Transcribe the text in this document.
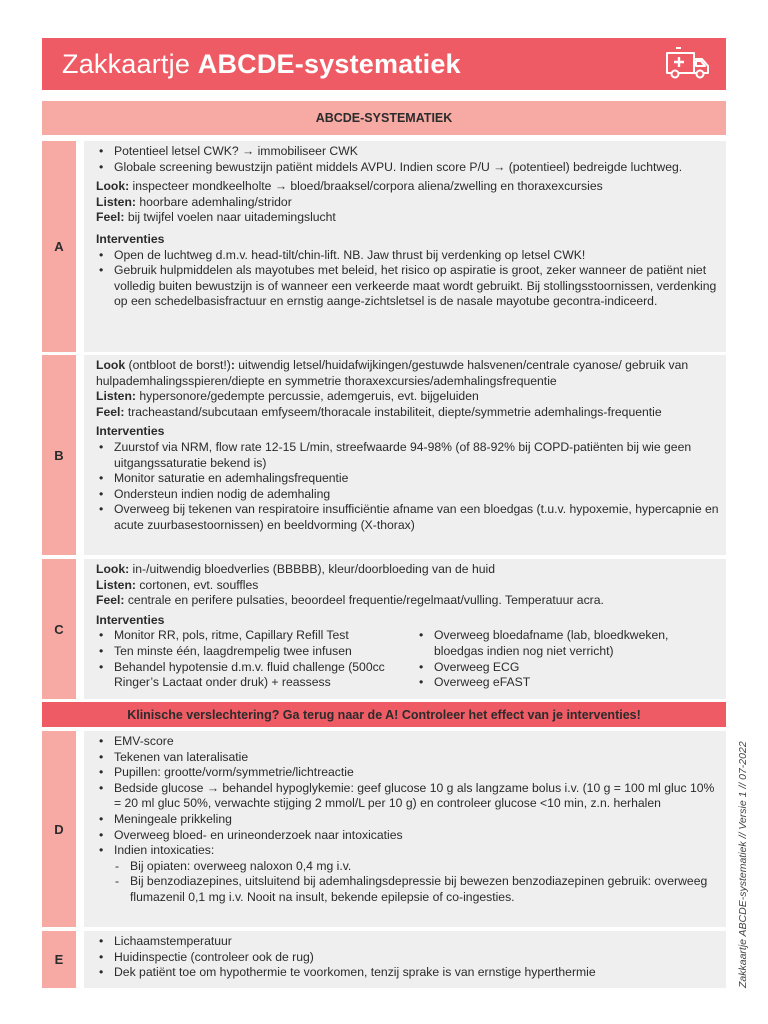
Zakkaartje ABCDE-systematiek
ABCDE-SYSTEMATIEK
A
• Potentieel letsel CWK? → immobiliseer CWK
• Globale screening bewustzijn patiënt middels AVPU. Indien score P/U → (potentieel) bedreigde luchtweg.

Look: inspecteer mondkeelholte → bloed/braaksel/corpora aliena/zwelling en thoraxexcursies

Listen: hoorbare ademhaling/stridor

Feel: bij twijfel voelen naar uitademingslucht

Interventies
• Open de luchtweg d.m.v. head-tilt/chin-lift. NB. Jaw thrust bij verdenking op letsel CWK!
• Gebruik hulpmiddelen als mayotubes met beleid, het risico op aspiratie is groot, zeker wanneer de patiënt niet volledig buiten bewustzijn is of wanneer een verkeerde maat wordt gebruikt. Bij stollingsstoornissen, verdenking op een schedelbasisfractuur en ernstig aange-zichtsletsel is de nasale mayotube gecontra-indiceerd.
B

Look (ontbloot de borst!): uitwendig letsel/huidafwijkingen/gestuwde halsvenen/centrale cyanose/ gebruik van hulpademhalingsspieren/diepte en symmetrie thoraxexcursies/ademhalingsfrequentie

Listen: hypersonore/gedempte percussie, ademgeruis, evt. bijgeluiden

Feel: tracheastand/subcutaan emfyseem/thoracale instabiliteit, diepte/symmetrie ademhalings-frequentie

Interventies
• Zuurstof via NRM, flow rate 12-15 L/min, streefwaarde 94-98% (of 88-92% bij COPD-patiënten bij wie geen uitgangssaturatie bekend is)
• Monitor saturatie en ademhalingsfrequentie
• Ondersteun indien nodig de ademhaling
• Overweeg bij tekenen van respiratoire insufficiëntie afname van een bloedgas (t.u.v. hypoxemie, hypercapnie en acute zuurbasestoornissen) en beeldvorming (X-thorax)
C

Look: in-/uitwendig bloedverlies (BBBBB), kleur/doorbloeding van de huid

Listen: cortonen, evt. souffles

Feel: centrale en perifere pulsaties, beoordeel frequentie/regelmaat/vulling. Temperatuur acra.

Interventies
• Monitor RR, pols, ritme, Capillary Refill Test
• Ten minste één, laagdrempelig twee infusen
• Behandel hypotensie d.m.v. fluid challenge (500cc Ringer’s Lactaat onder druk) + reassess
• Overweeg bloedafname (lab, bloedkweken, bloedgas indien nog niet verricht)
• Overweeg ECG
• Overweeg eFAST
Klinische verslechtering? Ga terug naar de A! Controleer het effect van je interventies!
D
• EMV-score
• Tekenen van lateralisatie
• Pupillen: grootte/vorm/symmetrie/lichtreactie
• Bedside glucose → behandel hypoglykemie: geef glucose 10 g als langzame bolus i.v. (10 g = 100 ml gluc 10% = 20 ml gluc 50%, verwachte stijging 2 mmol/L per 10 g) en controleer glucose <10 min, z.n. herhalen
• Meningeale prikkeling
• Overweeg bloed- en urineonderzoek naar intoxicaties
• Indien intoxicaties:
- Bij opiaten: overweeg naloxon 0,4 mg i.v.
- Bij benzodiazepines, uitsluitend bij ademhalingsdepressie bij bewezen benzodiazepinen gebruik: overweeg flumazenil 0,1 mg i.v. Nooit na insult, bekende epilepsie of co-ingesties.
E
• Lichaamstemperatuur
• Huidinspectie (controleer ook de rug)
• Dek patiënt toe om hypothermie te voorkomen, tenzij sprake is van ernstige hyperthermie	Zakkaartje ABCDE-systematiek // Versie 1 // 07-2022
